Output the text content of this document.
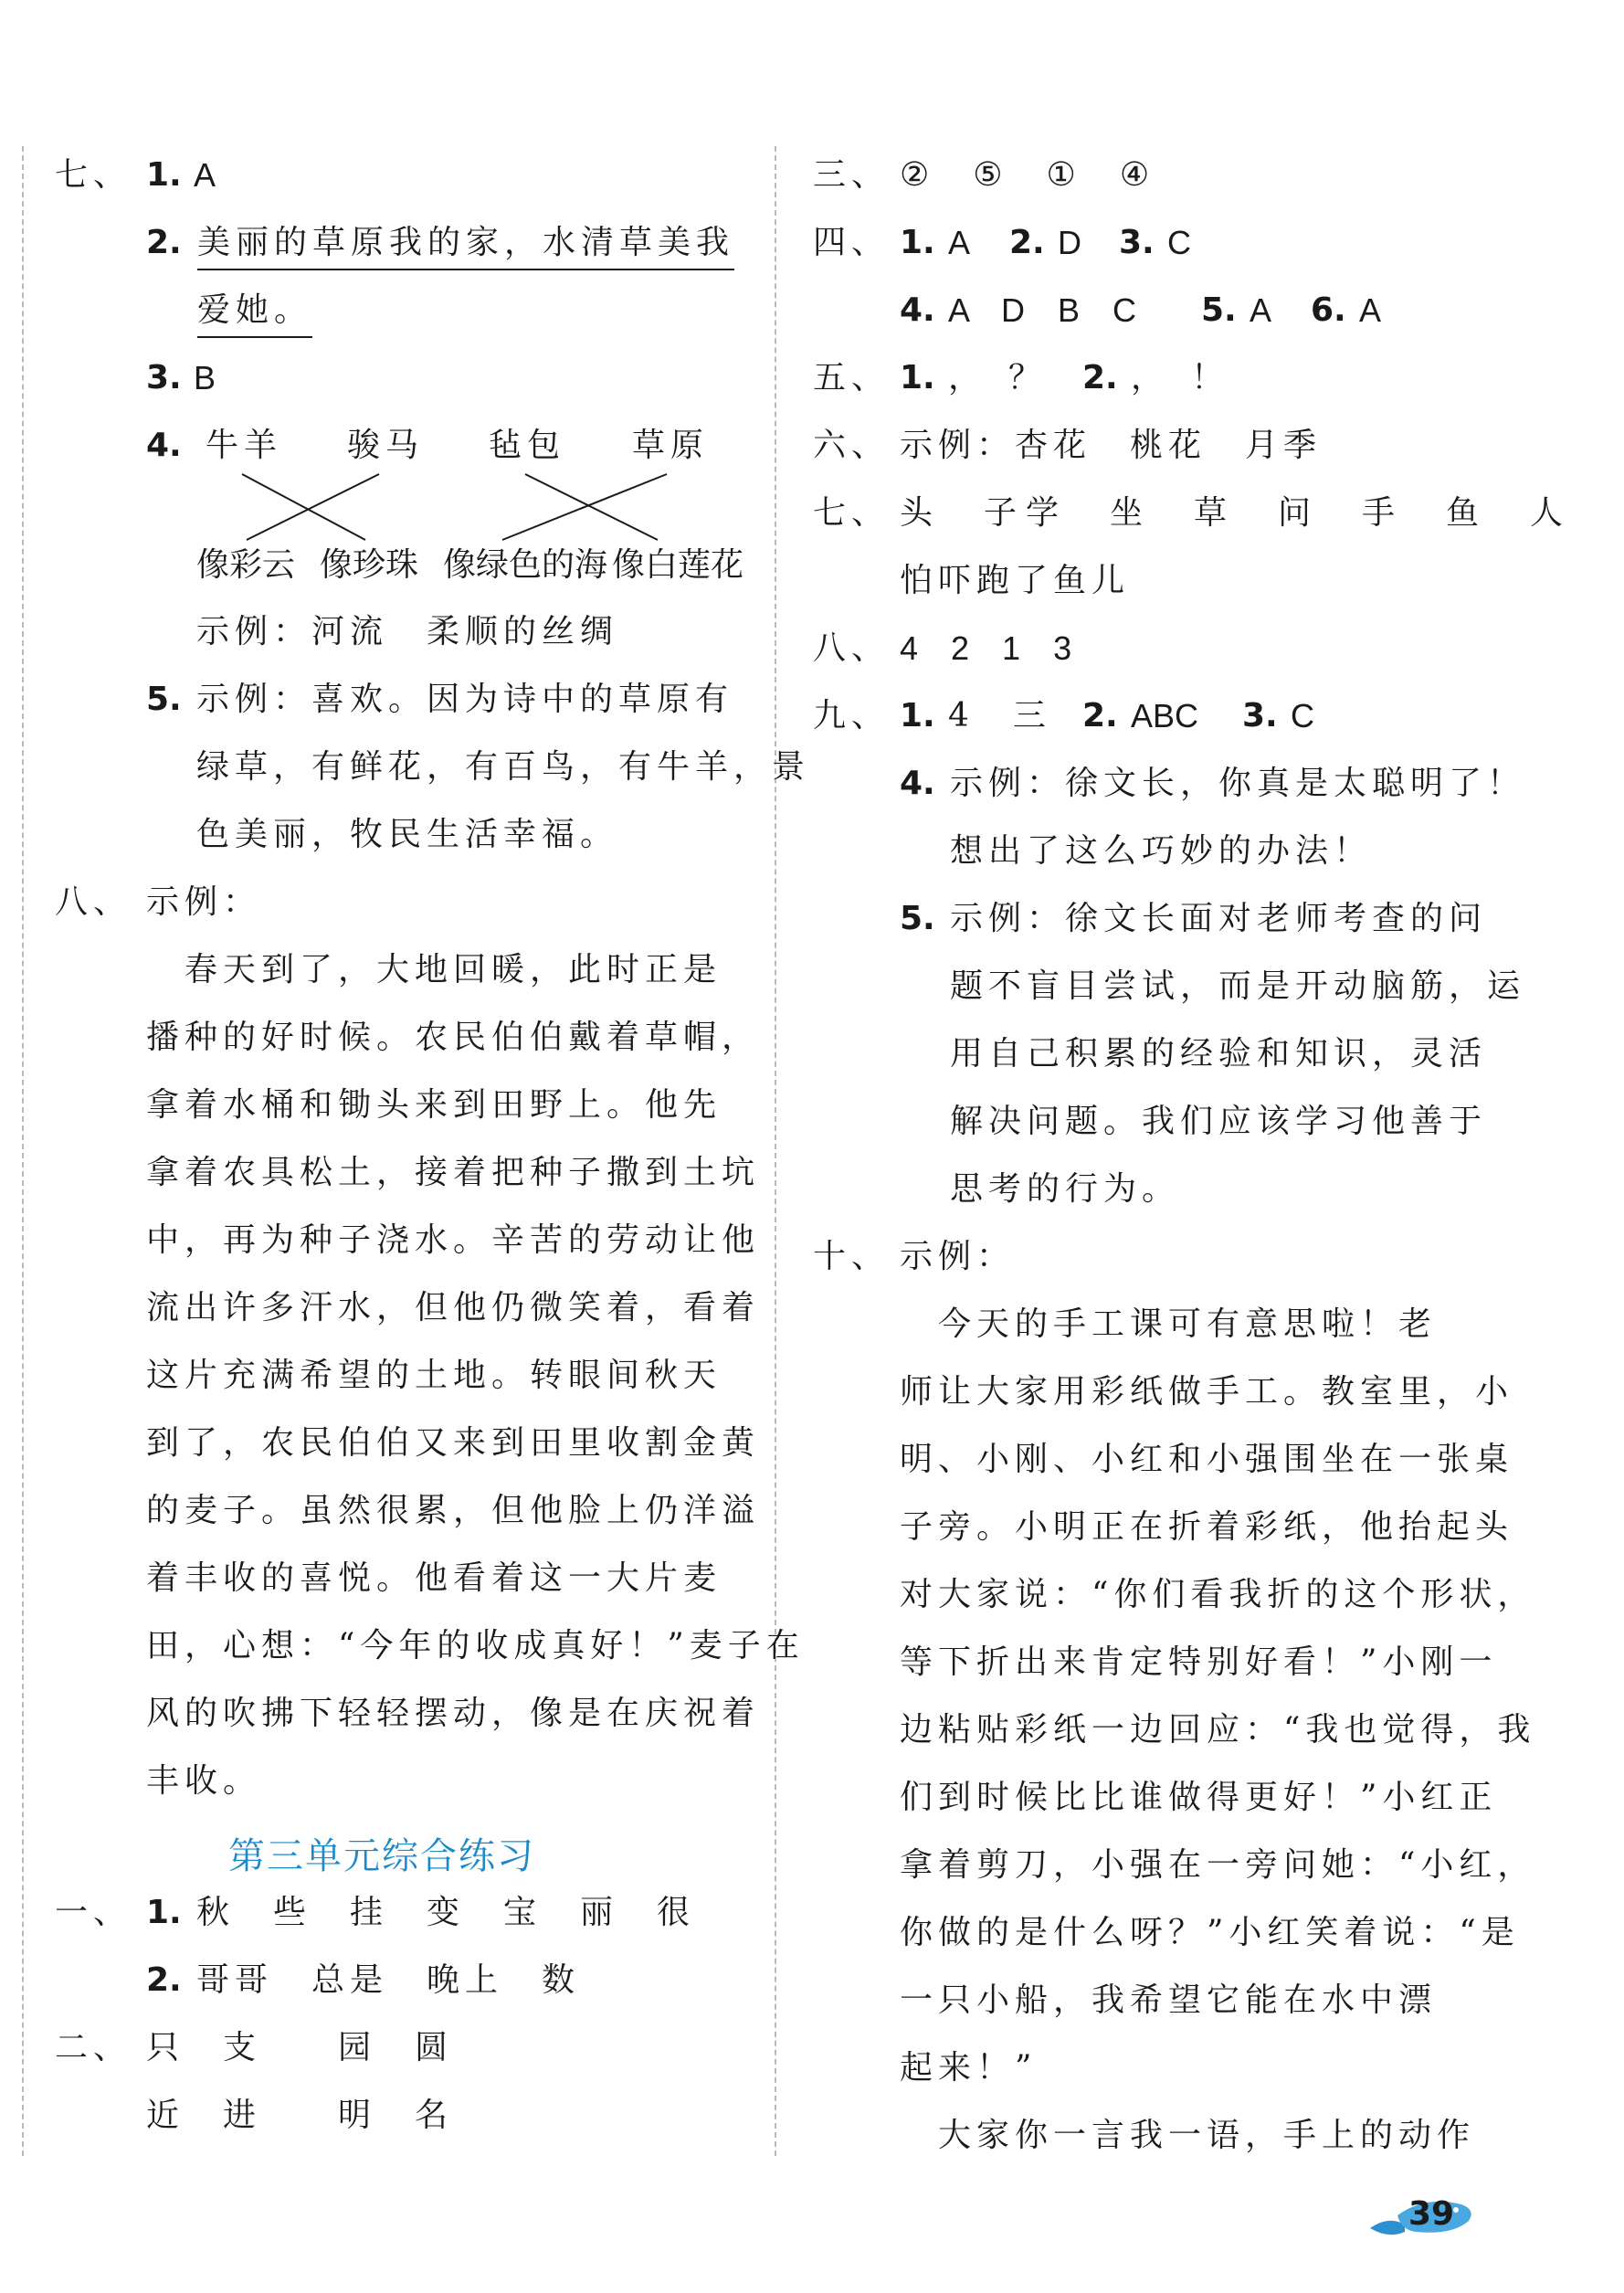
七、 1. A
2. 美丽的草原我的家，水清草美我
爱她。
3. B
4. 牛羊 骏马 毡包 草原
像彩云 像珍珠 像绿色的海 像白莲花
示例：河流　柔顺的丝绸
5. 示例：喜欢。因为诗中的草原有
绿草，有鲜花，有百鸟，有牛羊，景
色美丽，牧民生活幸福。
八、 示例：
　春天到了，大地回暖，此时正是
播种的好时候。农民伯伯戴着草帽，
拿着水桶和锄头来到田野上。他先
拿着农具松土，接着把种子撒到土坑
中，再为种子浇水。辛苦的劳动让他
流出许多汗水，但他仍微笑着，看着
这片充满希望的土地。转眼间秋天
到了，农民伯伯又来到田里收割金黄
的麦子。虽然很累，但他脸上仍洋溢
着丰收的喜悦。他看着这一大片麦
田，心想：“今年的收成真好！”麦子在
风的吹拂下轻轻摆动，像是在庆祝着
丰收。
第三单元综合练习
一、 1. 秋　些　挂　变　宝　丽　很
2. 哥哥　总是　晚上　数
二、 只　支　　园　圆
近　进　　明　名
三、 ②　⑤　①　④
四、 1. A 2. D 3. C
4. A　D　B　C 5. A 6. A
五、 1. ，　？ 2. ，　！
六、 示例：杏花　桃花　月季
七、 头　子学　坐　草　问　手　鱼　人
怕吓跑了鱼儿
八、 4　2　1　3
九、 1. 4　三 2. ABC 3. C
4. 示例：徐文长，你真是太聪明了！
想出了这么巧妙的办法！
5. 示例：徐文长面对老师考查的问
题不盲目尝试，而是开动脑筋，运
用自己积累的经验和知识，灵活
解决问题。我们应该学习他善于
思考的行为。
十、 示例：
　今天的手工课可有意思啦！老
师让大家用彩纸做手工。教室里，小
明、小刚、小红和小强围坐在一张桌
子旁。小明正在折着彩纸，他抬起头
对大家说：“你们看我折的这个形状，
等下折出来肯定特别好看！”小刚一
边粘贴彩纸一边回应：“我也觉得，我
们到时候比比谁做得更好！”小红正
拿着剪刀，小强在一旁问她：“小红，
你做的是什么呀？”小红笑着说：“是
一只小船，我希望它能在水中漂
起来！”
　大家你一言我一语，手上的动作
39
